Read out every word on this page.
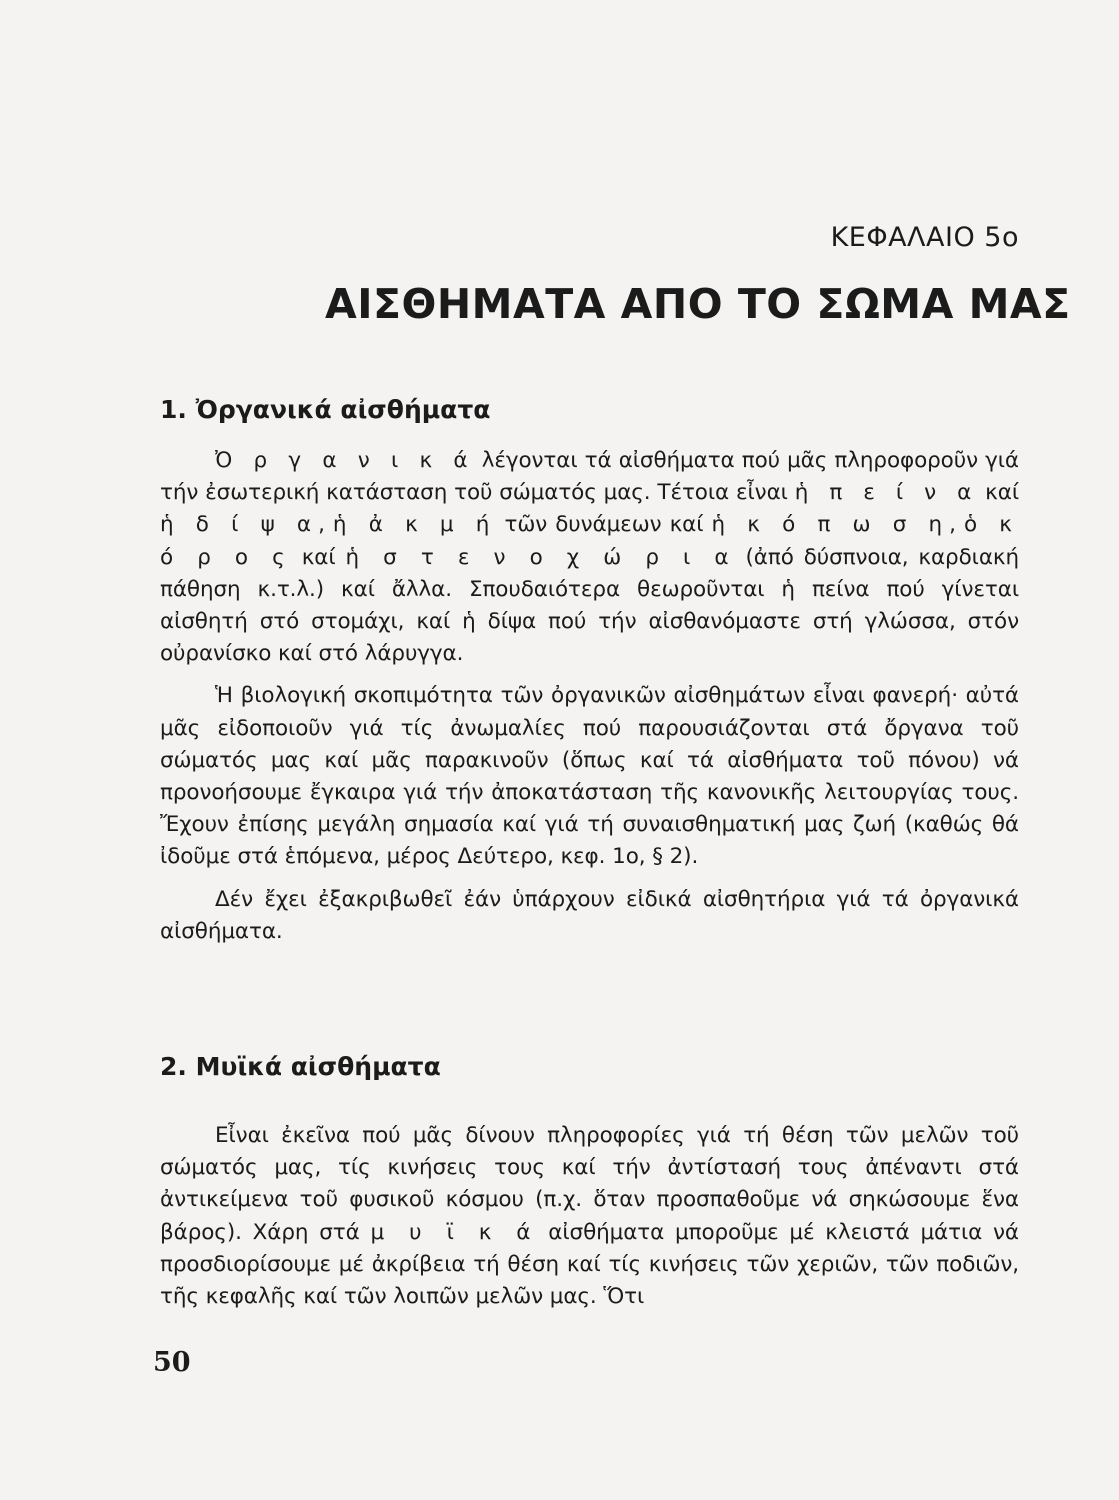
ΚΕΦΑΛΑΙΟ 5ο
ΑΙΣΘΗΜΑΤΑ ΑΠΟ ΤΟ ΣΩΜΑ ΜΑΣ
1. Ὀργανικά αἰσθήματα

Ὀ ρ γ α ν ι κ ά λέγονται τά αἰσθήματα πού μᾶς πληροφοροῦν γιά τήν ἐσωτερική κατάσταση τοῦ σώματός μας. Τέτοια εἶναι ἡ π ε ί ν α καί ἡ δ ί ψ α, ἡ ἀ κ μ ή τῶν δυνάμεων καί ἡ κ ό π ω σ η, ὁ κ ό ρ ο ς καί ἡ σ τ ε ν ο χ ώ ρ ι α (ἀπό δύσπνοια, καρδιακή πάθηση κ.τ.λ.) καί ἄλλα. Σπουδαιότερα θεωροῦνται ἡ πείνα πού γίνεται αἰσθητή στό στομάχι, καί ἡ δίψα πού τήν αἰσθανόμαστε στή γλώσσα, στόν οὐρανίσκο καί στό λάρυγγα.

Ἡ βιολογική σκοπιμότητα τῶν ὀργανικῶν αἰσθημάτων εἶναι φανερή· αὐτά μᾶς εἰδοποιοῦν γιά τίς ἀνωμαλίες πού παρουσιάζονται στά ὄργανα τοῦ σώματός μας καί μᾶς παρακινοῦν (ὅπως καί τά αἰσθήματα τοῦ πόνου) νά προνοήσουμε ἔγκαιρα γιά τήν ἀποκατάσταση τῆς κανονικῆς λειτουργίας τους. Ἔχουν ἐπίσης μεγάλη σημασία καί γιά τή συναισθηματική μας ζωή (καθώς θά ἰδοῦμε στά ἑπόμενα, μέρος Δεύτερο, κεφ. 1ο, § 2).

Δέν ἔχει ἐξακριβωθεῖ ἐάν ὑπάρχουν εἰδικά αἰσθητήρια γιά τά ὀργανικά αἰσθήματα.

2. Μυϊκά αἰσθήματα

Εἶναι ἐκεῖνα πού μᾶς δίνουν πληροφορίες γιά τή θέση τῶν μελῶν τοῦ σώματός μας, τίς κινήσεις τους καί τήν ἀντίστασή τους ἀπέναντι στά ἀντικείμενα τοῦ φυσικοῦ κόσμου (π.χ. ὅταν προσπαθοῦμε νά σηκώσουμε ἕνα βάρος). Χάρη στά μ υ ϊ κ ά αἰσθήματα μποροῦμε μέ κλειστά μάτια νά προσδιορίσουμε μέ ἀκρίβεια τή θέση καί τίς κινήσεις τῶν χεριῶν, τῶν ποδιῶν, τῆς κεφαλῆς καί τῶν λοιπῶν μελῶν μας. Ὅτι

50
